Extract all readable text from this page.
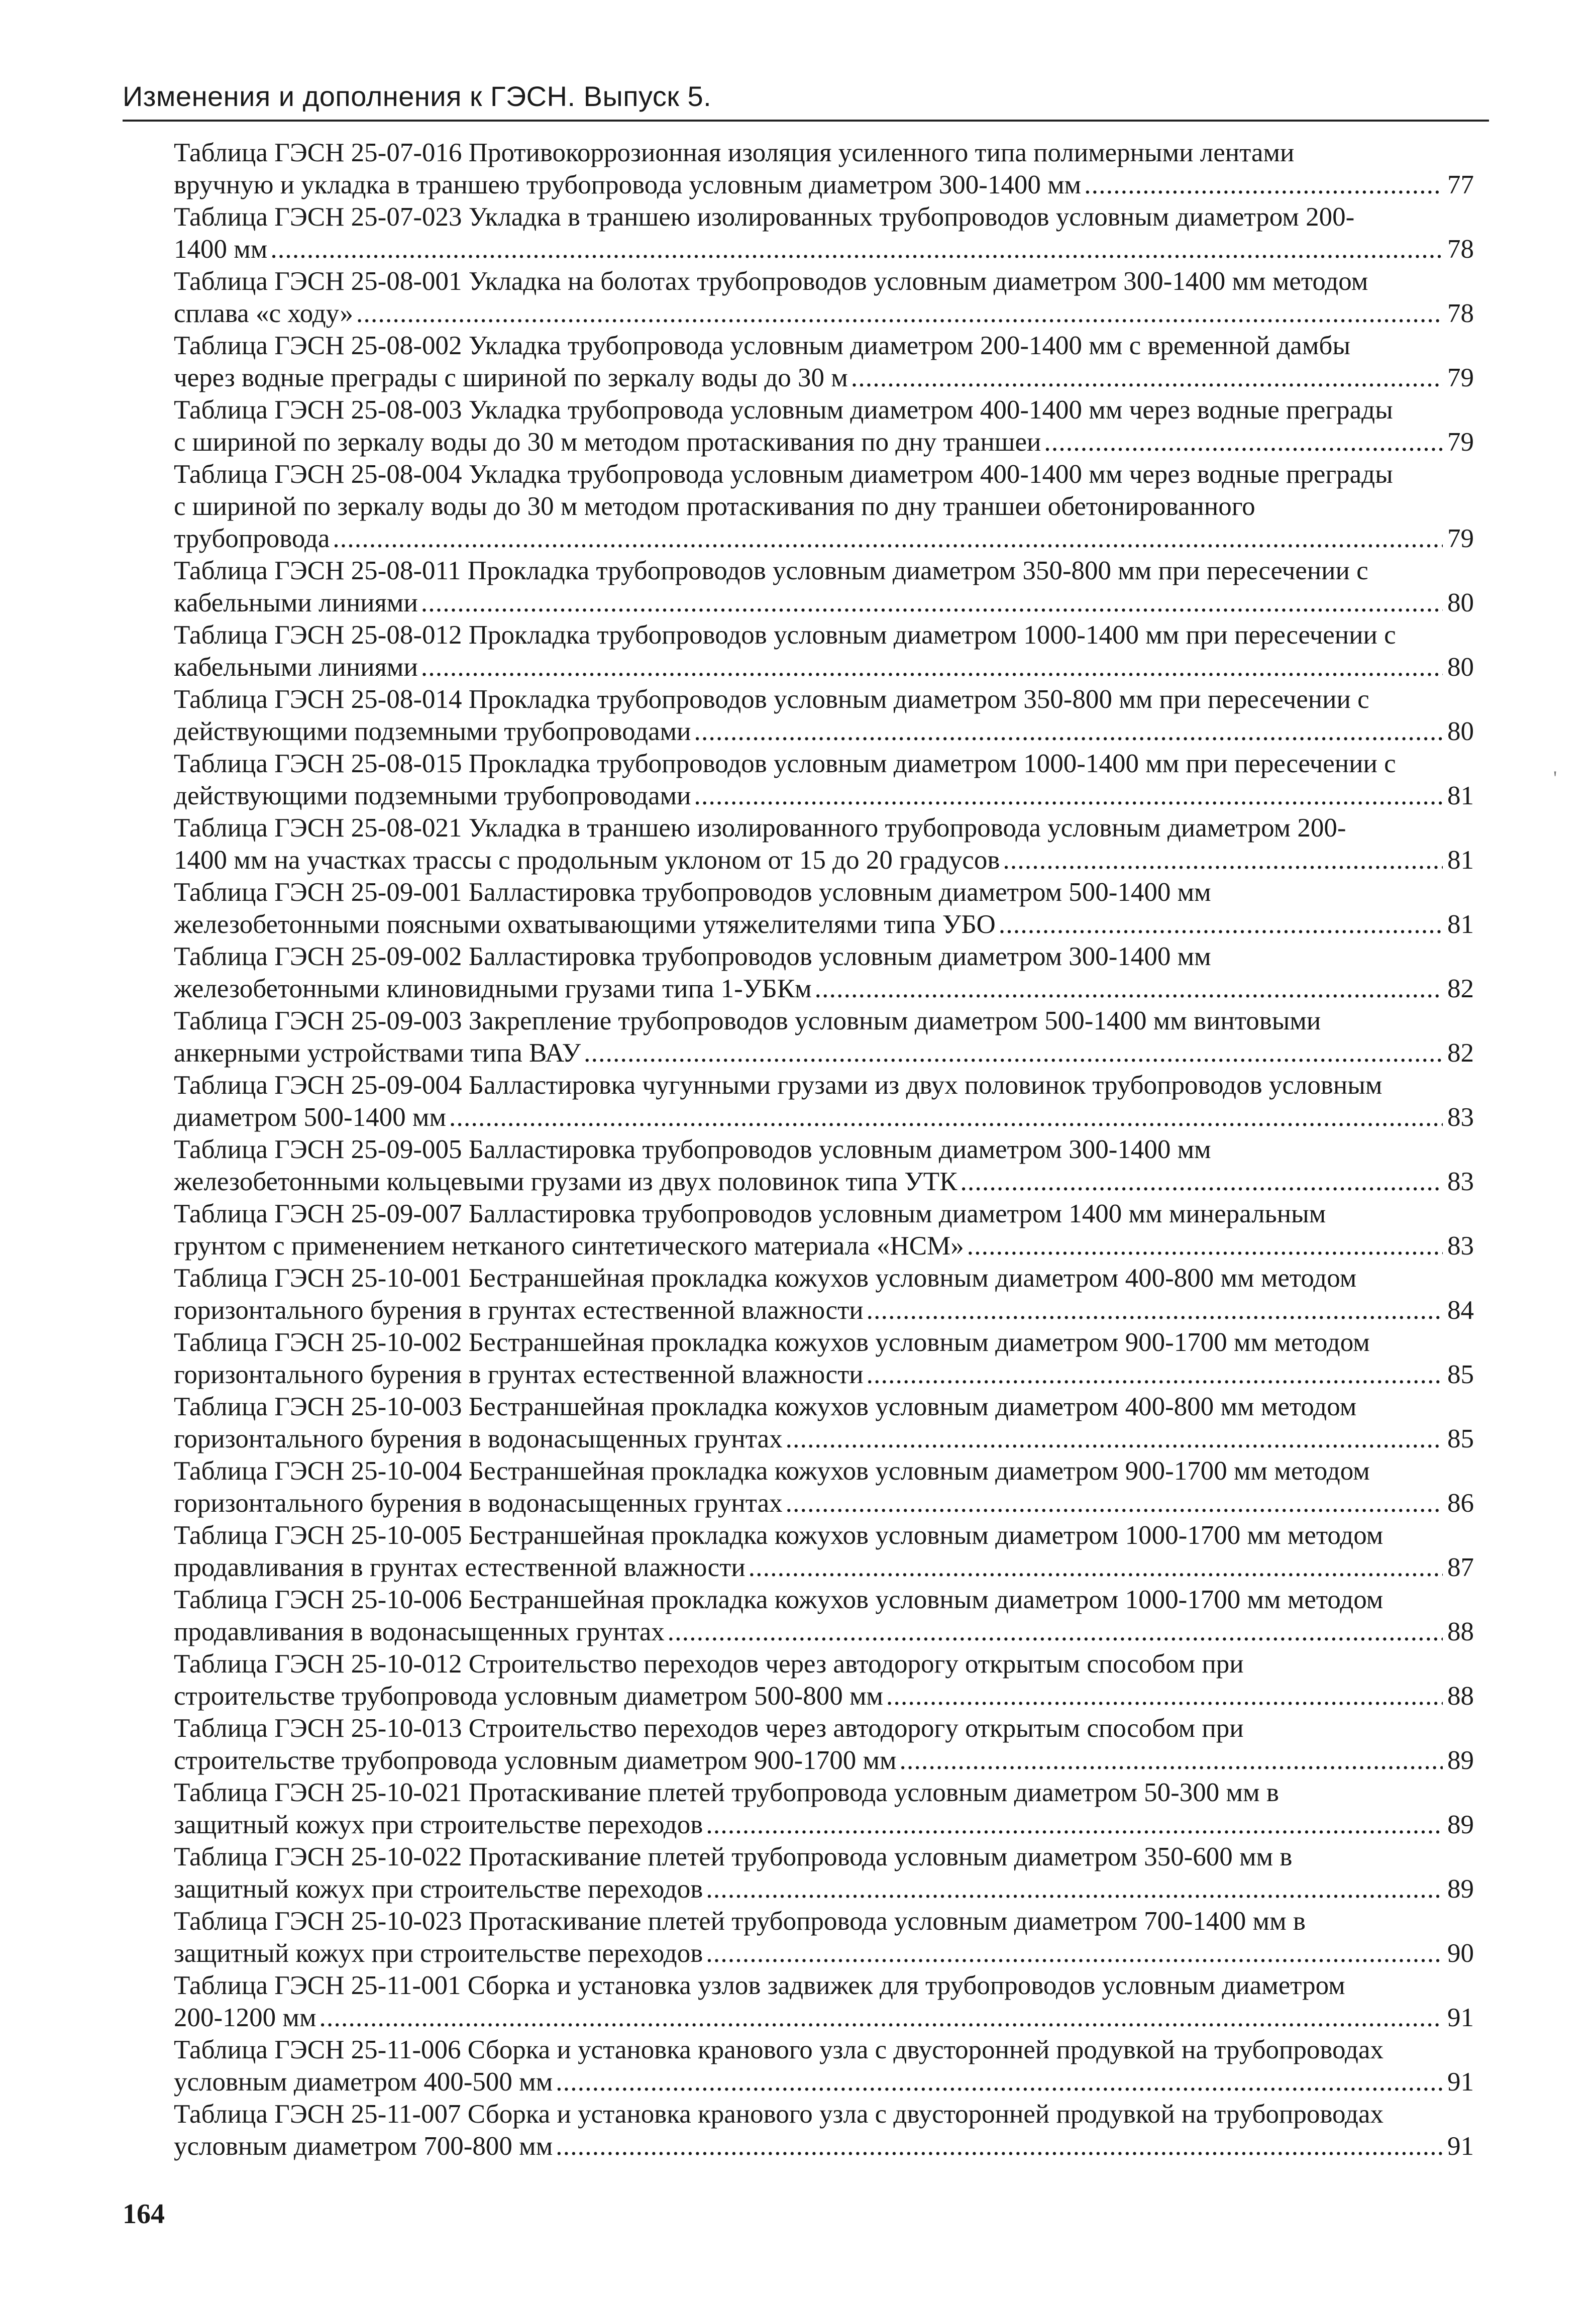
Изменения и дополнения к ГЭСН. Выпуск 5.
'
Таблица ГЭСН 25-07-016 Противокоррозионная изоляция усиленного типа полимерными лентами
вручную и укладка в траншею трубопровода условным диаметром 300-1400 мм . . .	77
Таблица ГЭСН 25-07-023 Укладка в траншею изолированных трубопроводов условным диаметром 200-
1400 мм . . .	78
Таблица ГЭСН 25-08-001 Укладка на болотах трубопроводов условным диаметром 300-1400 мм методом
сплава «с ходу» . . .	78
Таблица ГЭСН 25-08-002 Укладка трубопровода условным диаметром 200-1400 мм с временной дамбы
через водные преграды с шириной по зеркалу воды до 30 м . . .	79
Таблица ГЭСН 25-08-003 Укладка трубопровода условным диаметром 400-1400 мм через водные преграды
с шириной по зеркалу воды до 30 м методом протаскивания по дну траншеи . . .	79
Таблица ГЭСН 25-08-004 Укладка трубопровода условным диаметром 400-1400 мм через водные преграды
с шириной по зеркалу воды до 30 м методом протаскивания по дну траншеи обетонированного
трубопровода . . .	79
Таблица ГЭСН 25-08-011 Прокладка трубопроводов условным диаметром 350-800 мм при пересечении с
кабельными линиями . . .	80
Таблица ГЭСН 25-08-012 Прокладка трубопроводов условным диаметром 1000-1400 мм при пересечении с
кабельными линиями . . .	80
Таблица ГЭСН 25-08-014 Прокладка трубопроводов условным диаметром 350-800 мм при пересечении с
действующими подземными трубопроводами . . .	80
Таблица ГЭСН 25-08-015 Прокладка трубопроводов условным диаметром 1000-1400 мм при пересечении с
действующими подземными трубопроводами . . .	81
Таблица ГЭСН 25-08-021 Укладка в траншею изолированного трубопровода условным диаметром 200-
1400 мм на участках трассы с продольным уклоном от 15 до 20 градусов . . .	81
Таблица ГЭСН 25-09-001 Балластировка трубопроводов условным диаметром 500-1400 мм
железобетонными поясными охватывающими утяжелителями типа УБО . . .	81
Таблица ГЭСН 25-09-002 Балластировка трубопроводов условным диаметром 300-1400 мм
железобетонными клиновидными грузами типа 1-УБКм . . .	82
Таблица ГЭСН 25-09-003 Закрепление трубопроводов условным диаметром 500-1400 мм винтовыми
анкерными устройствами типа ВАУ . . .	82
Таблица ГЭСН 25-09-004 Балластировка чугунными грузами из двух половинок трубопроводов условным
диаметром 500-1400 мм . . .	83
Таблица ГЭСН 25-09-005 Балластировка трубопроводов условным диаметром 300-1400 мм
железобетонными кольцевыми грузами из двух половинок типа УТК . . .	83
Таблица ГЭСН 25-09-007 Балластировка трубопроводов условным диаметром 1400 мм минеральным
грунтом с применением нетканого синтетического материала «НСМ» . . .	83
Таблица ГЭСН 25-10-001 Бестраншейная прокладка кожухов условным диаметром 400-800 мм методом
горизонтального бурения в грунтах естественной влажности . . .	84
Таблица ГЭСН 25-10-002 Бестраншейная прокладка кожухов условным диаметром 900-1700 мм методом
горизонтального бурения в грунтах естественной влажности . . .	85
Таблица ГЭСН 25-10-003 Бестраншейная прокладка кожухов условным диаметром 400-800 мм методом
горизонтального бурения в водонасыщенных грунтах . . .	85
Таблица ГЭСН 25-10-004 Бестраншейная прокладка кожухов условным диаметром 900-1700 мм методом
горизонтального бурения в водонасыщенных грунтах . . .	86
Таблица ГЭСН 25-10-005 Бестраншейная прокладка кожухов условным диаметром 1000-1700 мм методом
продавливания в грунтах естественной влажности . . .	87
Таблица ГЭСН 25-10-006 Бестраншейная прокладка кожухов условным диаметром 1000-1700 мм методом
продавливания в водонасыщенных грунтах . . .	88
Таблица ГЭСН 25-10-012 Строительство переходов через автодорогу открытым способом при
строительстве трубопровода условным диаметром 500-800 мм . . .	88
Таблица ГЭСН 25-10-013 Строительство переходов через автодорогу открытым способом при
строительстве трубопровода условным диаметром 900-1700 мм . . .	89
Таблица ГЭСН 25-10-021 Протаскивание плетей трубопровода условным диаметром 50-300 мм в
защитный кожух при строительстве переходов . . .	89
Таблица ГЭСН 25-10-022 Протаскивание плетей трубопровода условным диаметром 350-600 мм в
защитный кожух при строительстве переходов . . .	89
Таблица ГЭСН 25-10-023 Протаскивание плетей трубопровода условным диаметром 700-1400 мм в
защитный кожух при строительстве переходов . . .	90
Таблица ГЭСН 25-11-001 Сборка и установка узлов задвижек для трубопроводов условным диаметром
200-1200 мм . . .	91
Таблица ГЭСН 25-11-006 Сборка и установка кранового узла с двусторонней продувкой на трубопроводах
условным диаметром 400-500 мм . . .	91
Таблица ГЭСН 25-11-007 Сборка и установка кранового узла с двусторонней продувкой на трубопроводах
условным диаметром 700-800 мм . . .	91
164
